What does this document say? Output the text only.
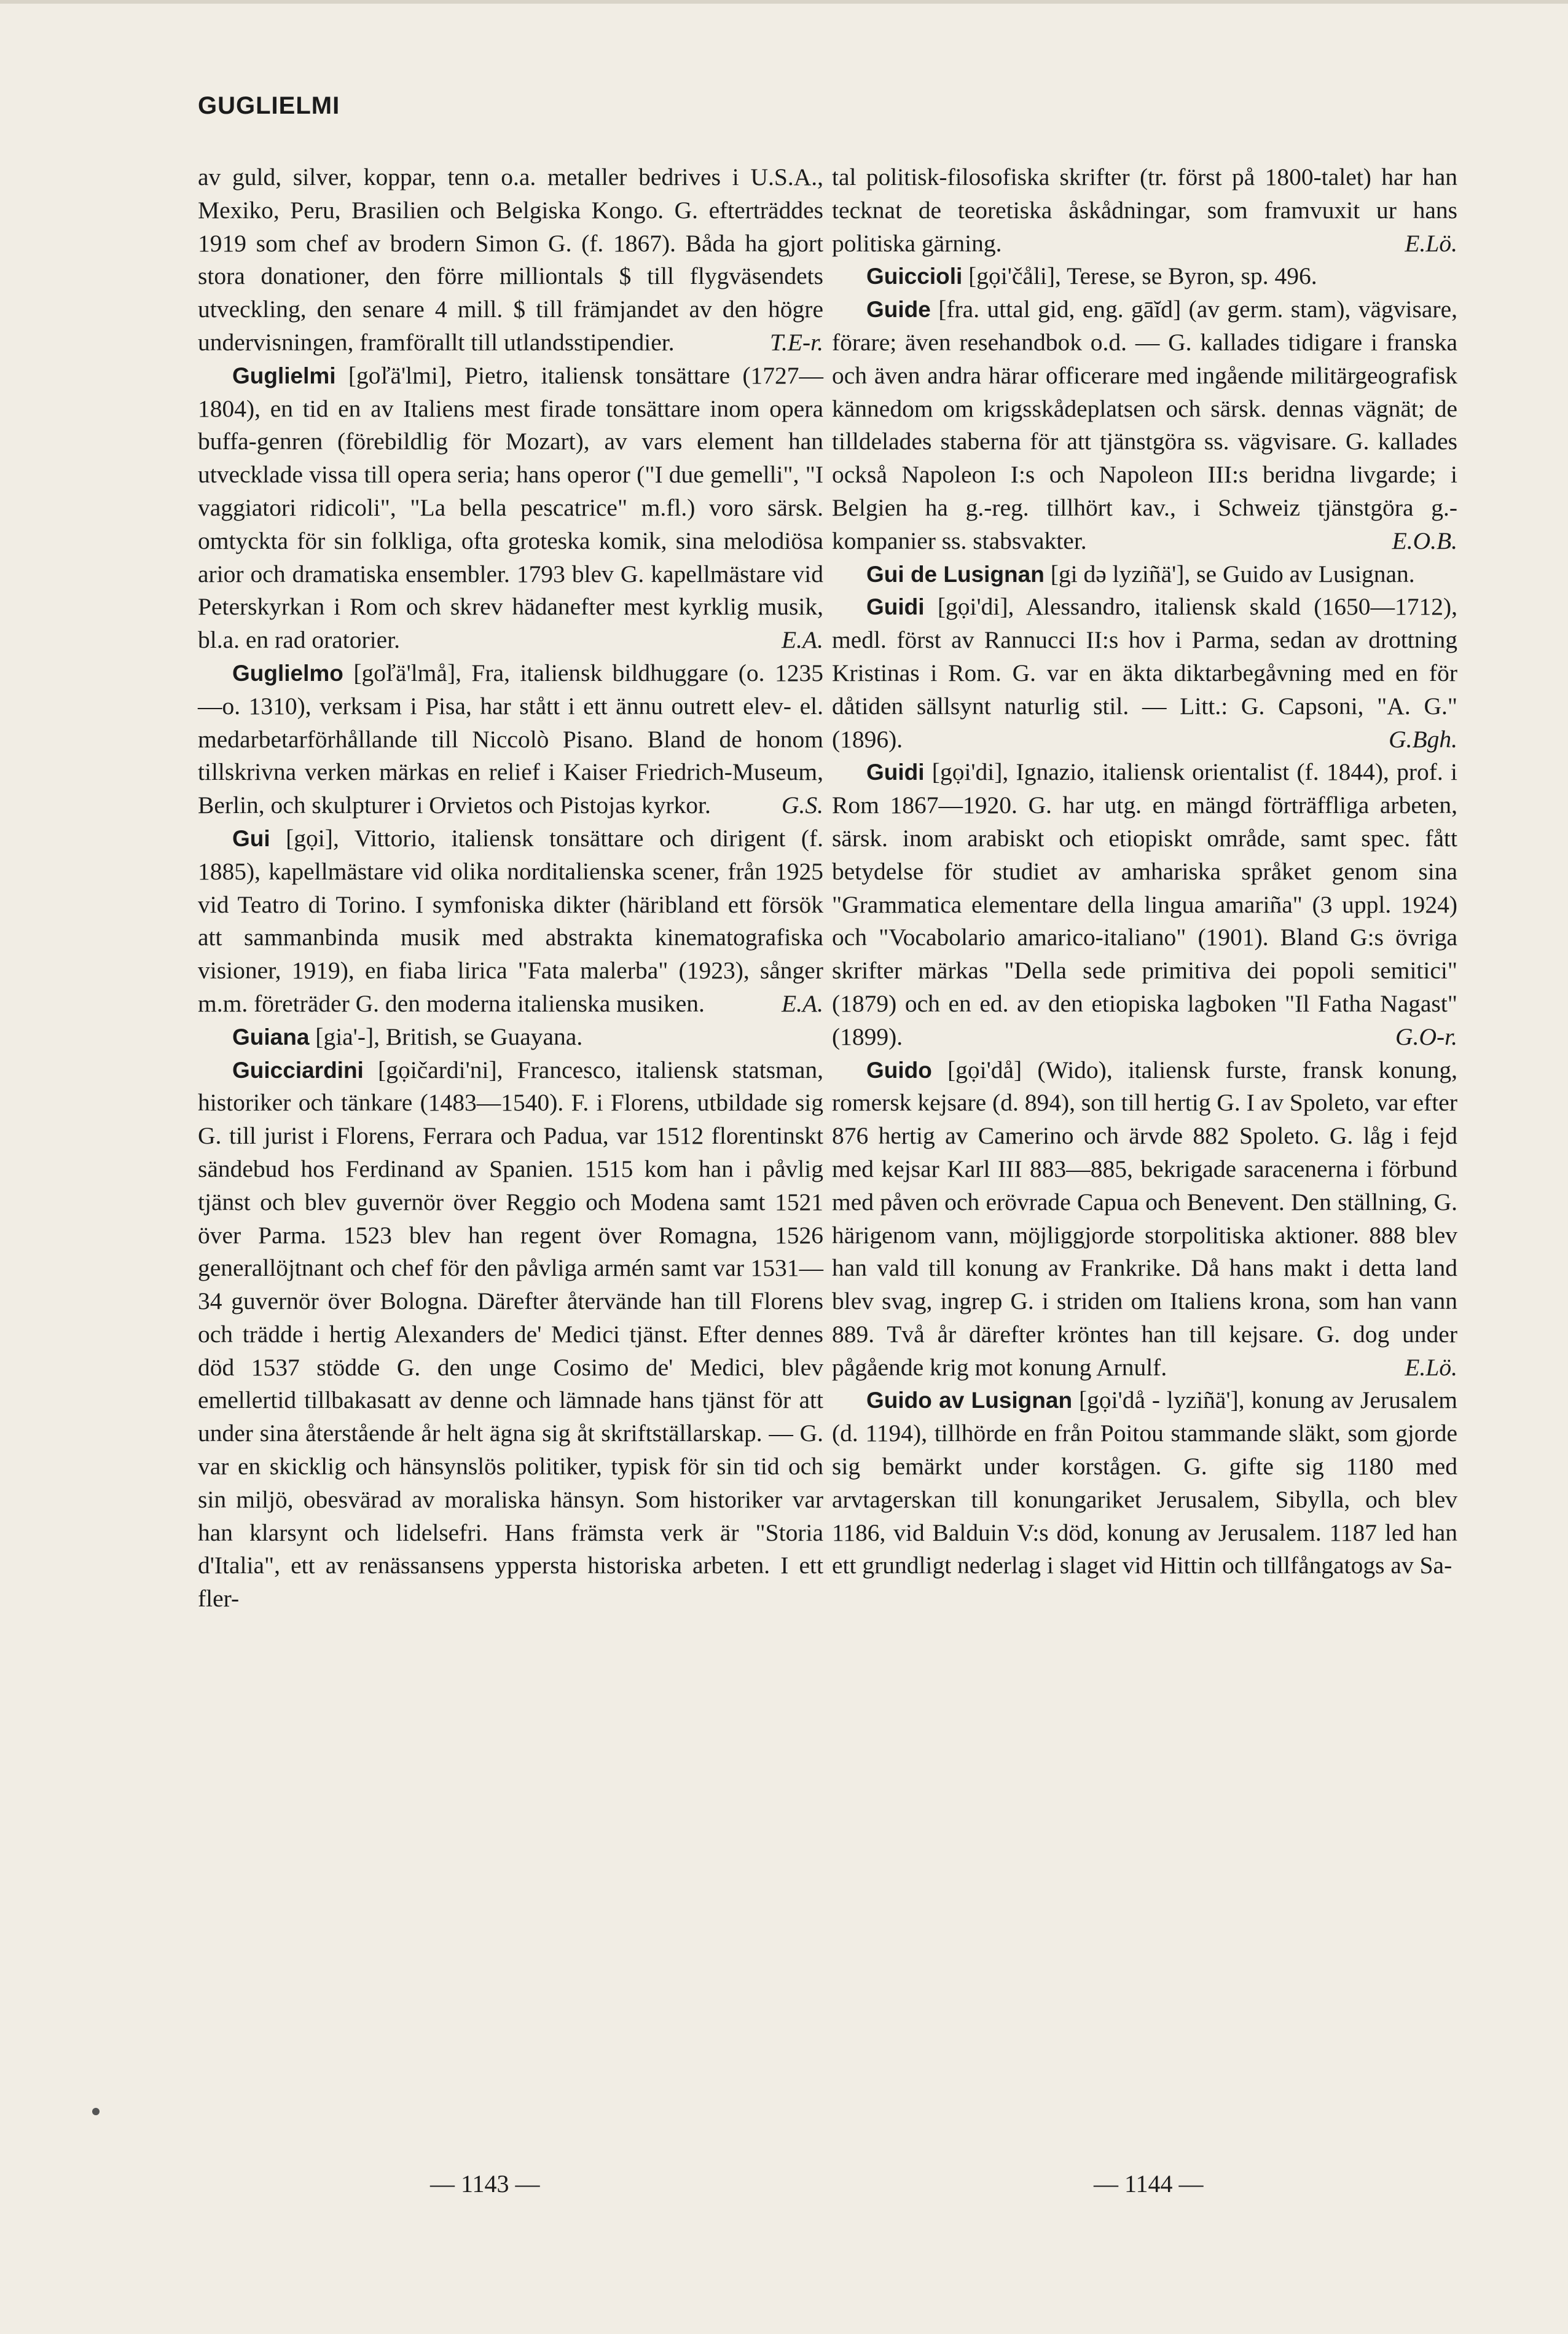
GUGLIELMI

av guld, silver, koppar, tenn o.a. metaller bedrives i U.S.A., Mexiko, Peru, Brasilien och Belgiska Kongo. G. efterträddes 1919 som chef av brodern Simon G. (f. 1867). Båda ha gjort stora donationer, den förre milliontals $ till flygväsendets utveckling, den senare 4 mill. $ till främjandet av den högre undervisningen, framförallt till utlandsstipendier.	T.E-r.

Guglielmi [goľä'lmi], Pietro, italiensk tonsättare (1727—1804), en tid en av Italiens mest firade tonsättare inom opera buffa-genren (förebildlig för Mozart), av vars element han utvecklade vissa till opera seria; hans operor ("I due gemelli", "I vaggiatori ridicoli", "La bella pescatrice" m.fl.) voro särsk. omtyckta för sin folkliga, ofta groteska komik, sina melodiösa arior och dramatiska ensembler. 1793 blev G. kapellmästare vid Peterskyrkan i Rom och skrev hädanefter mest kyrklig musik, bl.a. en rad oratorier.	E.A.

Guglielmo [goľä'lmå], Fra, italiensk bildhuggare (o. 1235—o. 1310), verksam i Pisa, har stått i ett ännu outrett elev- el. medarbetarförhållande till Niccolò Pisano. Bland de honom tillskrivna verken märkas en relief i Kaiser Friedrich-Museum, Berlin, och skulpturer i Orvietos och Pistojas kyrkor.	G.S.

Gui [gọi], Vittorio, italiensk tonsättare och dirigent (f. 1885), kapellmästare vid olika norditalienska scener, från 1925 vid Teatro di Torino. I symfoniska dikter (häribland ett försök att sammanbinda musik med abstrakta kinematografiska visioner, 1919), en fiaba lirica "Fata malerba" (1923), sånger m.m. företräder G. den moderna italienska musiken.	E.A.

Guiana [gia'-], British, se Guayana.

Guicciardini [gọičardi'ni], Francesco, italiensk statsman, historiker och tänkare (1483—1540). F. i Florens, utbildade sig G. till jurist i Florens, Ferrara och Padua, var 1512 florentinskt sändebud hos Ferdinand av Spanien. 1515 kom han i påvlig tjänst och blev guvernör över Reggio och Modena samt 1521 över Parma. 1523 blev han regent över Romagna, 1526 generallöjtnant och chef för den påvliga armén samt var 1531—34 guvernör över Bologna. Därefter återvände han till Florens och trädde i hertig Alexanders de' Medici tjänst. Efter dennes död 1537 stödde G. den unge Cosimo de' Medici, blev emellertid tillbakasatt av denne och lämnade hans tjänst för att under sina återstående år helt ägna sig åt skriftställarskap. — G. var en skicklig och hänsynslös politiker, typisk för sin tid och sin miljö, obesvärad av moraliska hänsyn. Som historiker var han klarsynt och lidelsefri. Hans främsta verk är "Storia d'Italia", ett av renässansens yppersta historiska arbeten. I ett fler-

tal politisk-filosofiska skrifter (tr. först på 1800-talet) har han tecknat de teoretiska åskådningar, som framvuxit ur hans politiska gärning.	E.Lö.

Guiccioli [gọi'čåli], Terese, se Byron, sp. 496.

Guide [fra. uttal gid, eng. gāĭd] (av germ. stam), vägvisare, förare; även resehandbok o.d. — G. kallades tidigare i franska och även andra härar officerare med ingående militärgeografisk kännedom om krigsskådeplatsen och särsk. dennas vägnät; de tilldelades staberna för att tjänstgöra ss. vägvisare. G. kallades också Napoleon I:s och Napoleon III:s beridna livgarde; i Belgien ha g.-reg. tillhört kav., i Schweiz tjänstgöra g.-kompanier ss. stabsvakter.	E.O.B.

Gui de Lusignan [gi də lyziñä'], se Guido av Lusignan.

Guidi [gọi'di], Alessandro, italiensk skald (1650—1712), medl. först av Rannucci II:s hov i Parma, sedan av drottning Kristinas i Rom. G. var en äkta diktarbegåvning med en för dåtiden sällsynt naturlig stil. — Litt.: G. Capsoni, "A. G." (1896).	G.Bgh.

Guidi [gọi'di], Ignazio, italiensk orientalist (f. 1844), prof. i Rom 1867—1920. G. har utg. en mängd förträffliga arbeten, särsk. inom arabiskt och etiopiskt område, samt spec. fått betydelse för studiet av amhariska språket genom sina "Grammatica elementare della lingua amariña" (3 uppl. 1924) och "Vocabolario amarico-italiano" (1901). Bland G:s övriga skrifter märkas "Della sede primitiva dei popoli semitici" (1879) och en ed. av den etiopiska lagboken "Il Fatha Nagast" (1899).	G.O-r.

Guido [gọi'då] (Wido), italiensk furste, fransk konung, romersk kejsare (d. 894), son till hertig G. I av Spoleto, var efter 876 hertig av Camerino och ärvde 882 Spoleto. G. låg i fejd med kejsar Karl III 883—885, bekrigade saracenerna i förbund med påven och erövrade Capua och Benevent. Den ställning, G. härigenom vann, möjliggjorde storpolitiska aktioner. 888 blev han vald till konung av Frankrike. Då hans makt i detta land blev svag, ingrep G. i striden om Italiens krona, som han vann 889. Två år därefter kröntes han till kejsare. G. dog under pågående krig mot konung Arnulf.	E.Lö.

Guido av Lusignan [gọi'då - lyziñä'], konung av Jerusalem (d. 1194), tillhörde en från Poitou stammande släkt, som gjorde sig bemärkt under korstågen. G. gifte sig 1180 med arvtagerskan till konungariket Jerusalem, Sibylla, och blev 1186, vid Balduin V:s död, konung av Jerusalem. 1187 led han ett grundligt nederlag i slaget vid Hittin och tillfångatogs av Sa-

— 1143 —	— 1144 —
